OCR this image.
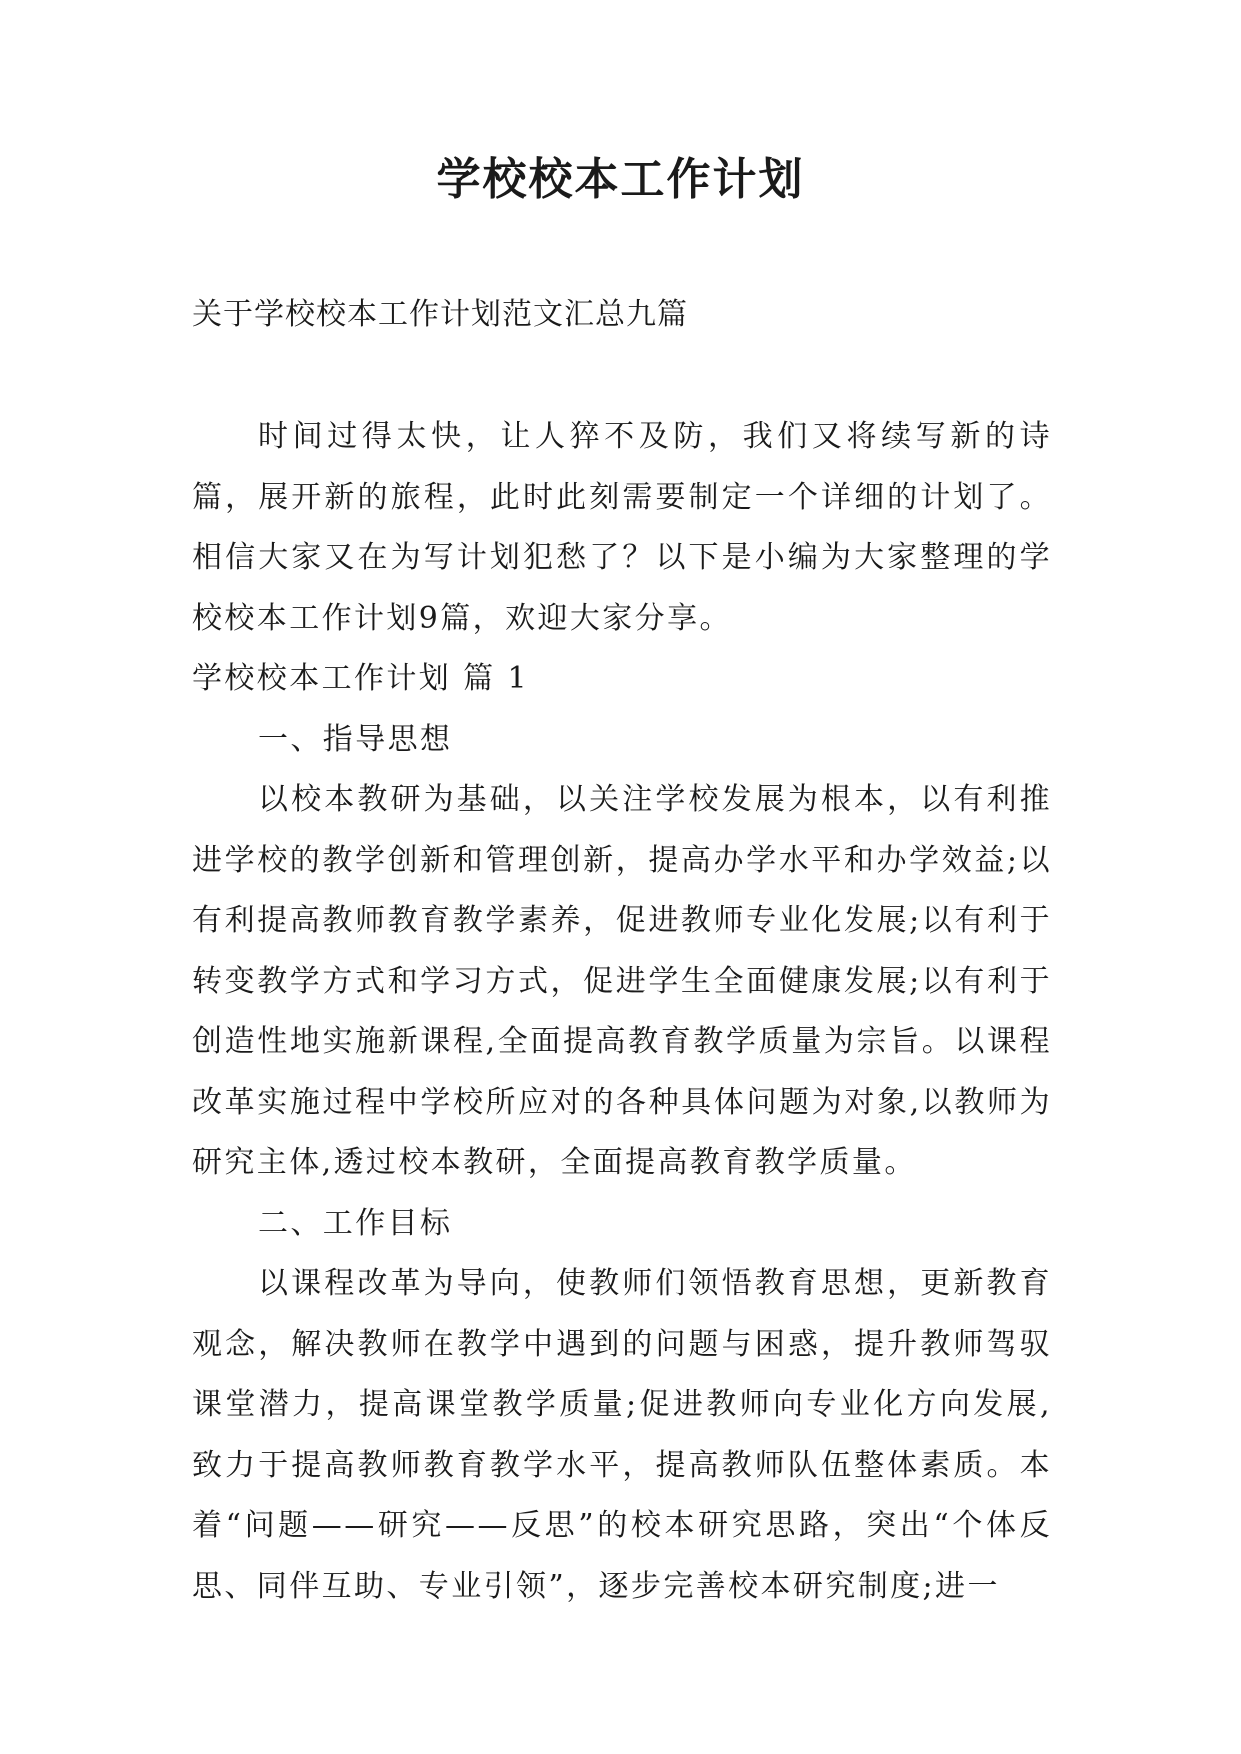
学校校本工作计划
关于学校校本工作计划范文汇总九篇

时间过得太快，让人猝不及防，我们又将续写新的诗篇，展开新的旅程，此时此刻需要制定一个详细的计划了。相信大家又在为写计划犯愁了？以下是小编为大家整理的学校校本工作计划9篇，欢迎大家分享。

学校校本工作计划 篇 1

一、指导思想

以校本教研为基础，以关注学校发展为根本，以有利推进学校的教学创新和管理创新，提高办学水平和办学效益;以有利提高教师教育教学素养，促进教师专业化发展;以有利于转变教学方式和学习方式，促进学生全面健康发展;以有利于创造性地实施新课程,全面提高教育教学质量为宗旨。以课程改革实施过程中学校所应对的各种具体问题为对象,以教师为研究主体,透过校本教研，全面提高教育教学质量。

二、工作目标

以课程改革为导向，使教师们领悟教育思想，更新教育观念，解决教师在教学中遇到的问题与困惑，提升教师驾驭课堂潜力，提高课堂教学质量;促进教师向专业化方向发展,致力于提高教师教育教学水平，提高教师队伍整体素质。本着“问题——研究——反思”的校本研究思路，突出“个体反思、同伴互助、专业引领”，逐步完善校本研究制度;进一
